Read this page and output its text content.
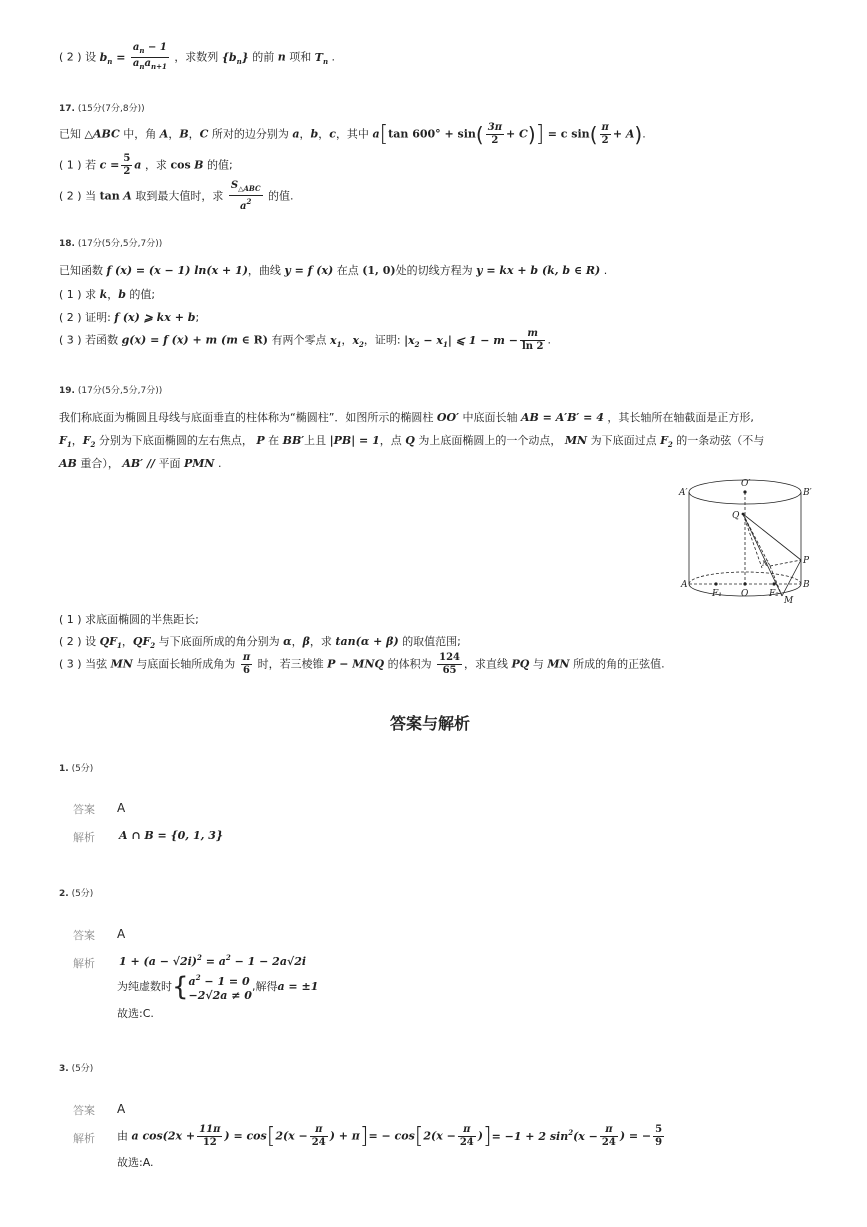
( 2 ) 设 $b_n = \frac{a_n - 1}{a_na_{n+1}}$ ，求数列 $\{b_n\}$ 的前 n 项和 $T_n$ .
17. (15分(7分,8分))
已知 △ABC 中，角 A，B，C 所对的边分别为 a，b，c，其中 a[tan $600^\circ + \sin( \frac{3\pi}{2} + C)] = c$ $\sin( \frac{\pi}{2} + A)$.
( 1 ) 若 $c = \frac{5}{2}$ a ，求 cos B 的值;
( 2 ) 当 tan A 取到最大值时，求 $\frac{S_{\triangle ABC}}{a^2}$ 的值.
18. (17分(5分,5分,7分))
已知函数 f (x) = (x − 1) ln(x + 1)，曲线 y = f (x) 在点 (1, 0)处的切线方程为 y = kx + b (k, b ∈ R) .
( 1 ) 求 k，b 的值;
( 2 ) 证明: f (x) ⩾ kx + b;
( 3 ) 若函数 g(x) = f (x) + m (m ∈ R) 有两个零点 $x_1$，$x_2$，证明: $|x_2 - x_1|$ ⩽ $1 - m - \frac{m}{\ln 2}$ .
19. (17分(5分,5分,7分))
我们称底面为椭圆且母线与底面垂直的柱体称为“椭圆柱”．如图所示的椭圆柱 OO′ 中底面长轴 AB = A′B′ = 4 ，其长轴所在轴截面是正方形,
$F_1$，$F_2$ 分别为下底面椭圆的左右焦点， P 在 BB′上且 |PB| = 1，点 Q 为上底面椭圆上的一个动点， MN 为下底面过点 $F_2$ 的一条动弦（不与
AB 重合）， AB′ // 平面 PMN .
O′
A′	B′
Q
P
N
A	B
F₁ O F₂
M
( 1 ) 求底面椭圆的半焦距长;
( 2 ) 设 $QF_1$，$QF_2$ 与下底面所成的角分别为 α，β，求 tan(α + β) 的取值范围;
( 3 ) 当弦 MN 与底面长轴所成角为 $\frac{\pi}{6}$ 时，若三棱锥 P − MNQ 的体积为 $\frac{124}{65}$ ，求直线 PQ 与 MN 所成的角的正弦值.
答案与解析
1. (5分)
答案 A
解析 A ∩ B = {0, 1, 3}
2. (5分)
答案 A
解析 $1 + (a - √2i)^2 = a^2 - 1 - 2a√2i$
为纯虚数时{$a^2 - 1 = 0$
−2√2a ≠ 0,解得a = ±1
故选:C.
3. (5分)
答案 A
解析 由 a $\cos(2x + \frac{11\pi}{12}$ ) = $\cos[2(x - \frac{\pi}{24}$ ) + $\pi]= - \cos[2(x - \frac{\pi}{24}$ )]= −1 + 2 $\sin^2(x - \frac{\pi}{24}$ ) = − $\frac{5}{9}$
故选:A.
